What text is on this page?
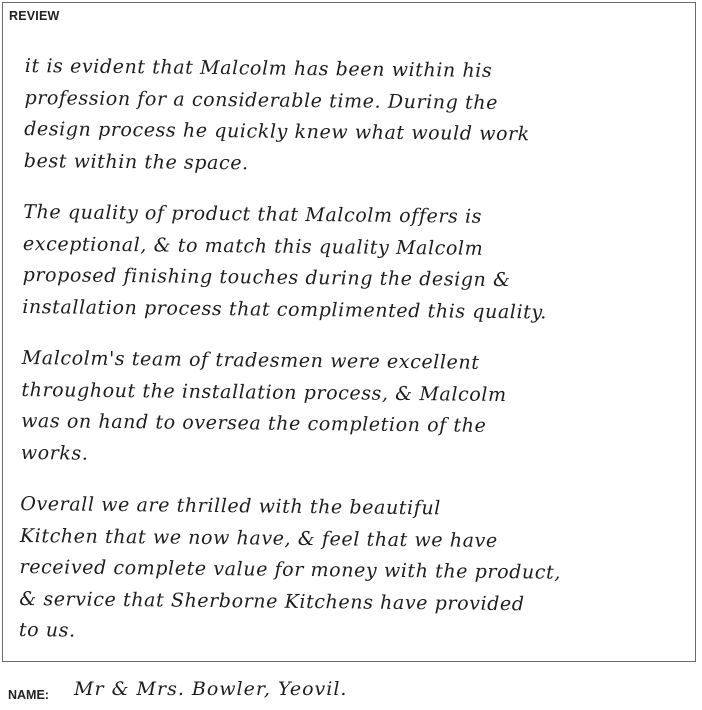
REVIEW
it is evident that Malcolm has been within his
profession for a considerable time. During the
design process he quickly knew what would work
best within the space.
The quality of product that Malcolm offers is
exceptional, & to match this quality Malcolm
proposed finishing touches during the design &
installation process that complimented this quality.
Malcolm's team of tradesmen were excellent
throughout the installation process, & Malcolm
was on hand to oversea the completion of the
works.
Overall we are thrilled with the beautiful
Kitchen that we now have, & feel that we have
received complete value for money with the product,
& service that Sherborne Kitchens have provided
to us.
NAME: Mr & Mrs. Bowler, Yeovil.
